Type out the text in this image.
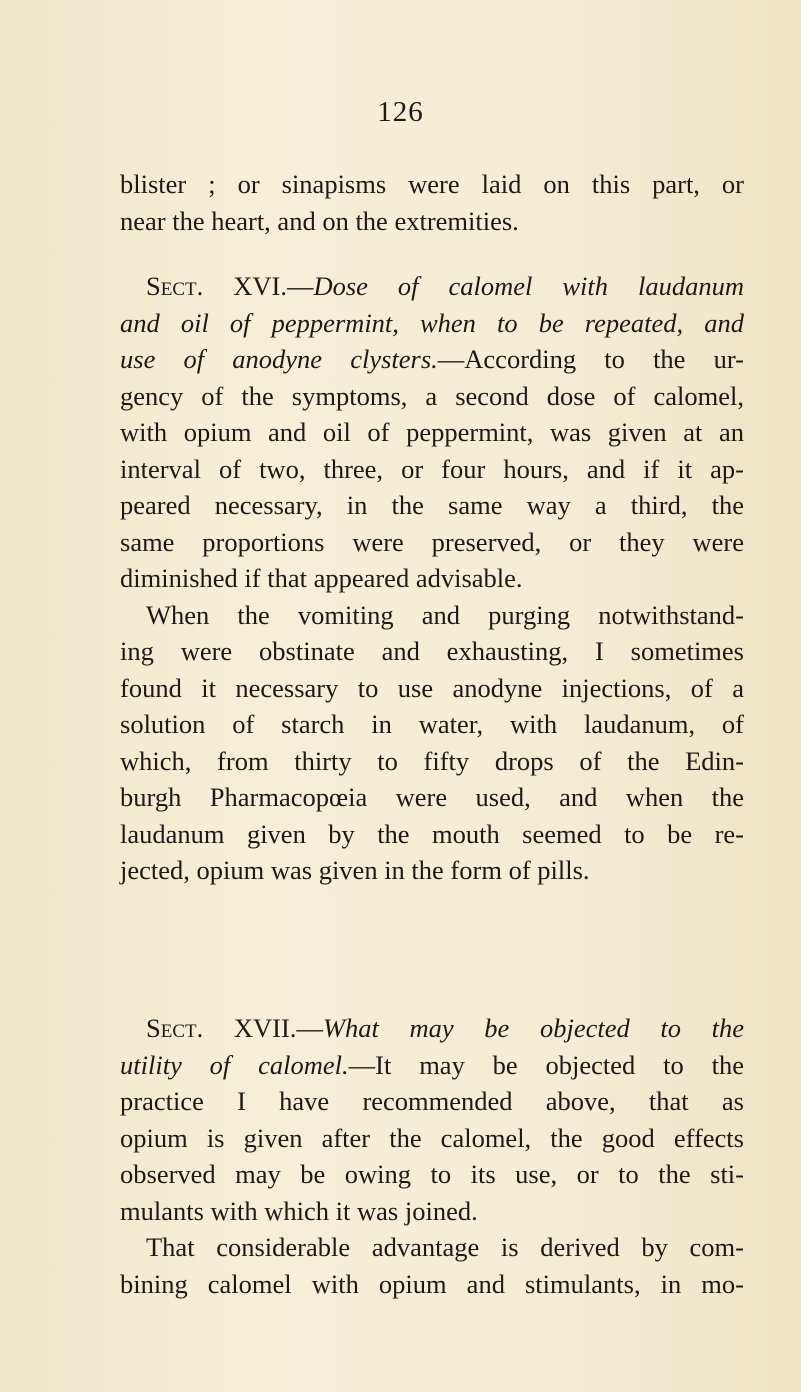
126
blister ; or sinapisms were laid on this part, or
near the heart, and on the extremities.
Sect. XVI.—Dose of calomel with laudanum
and oil of peppermint, when to be repeated, and
use of anodyne clysters.—According to the ur-
gency of the symptoms, a second dose of calomel,
with opium and oil of peppermint, was given at an
interval of two, three, or four hours, and if it ap-
peared necessary, in the same way a third, the
same proportions were preserved, or they were
diminished if that appeared advisable.
When the vomiting and purging notwithstand-
ing were obstinate and exhausting, I sometimes
found it necessary to use anodyne injections, of a
solution of starch in water, with laudanum, of
which, from thirty to fifty drops of the Edin-
burgh Pharmacopœia were used, and when the
laudanum given by the mouth seemed to be re-
jected, opium was given in the form of pills.
Sect. XVII.—What may be objected to the
utility of calomel.—It may be objected to the
practice I have recommended above, that as
opium is given after the calomel, the good effects
observed may be owing to its use, or to the sti-
mulants with which it was joined.
That considerable advantage is derived by com-
bining calomel with opium and stimulants, in mo-
